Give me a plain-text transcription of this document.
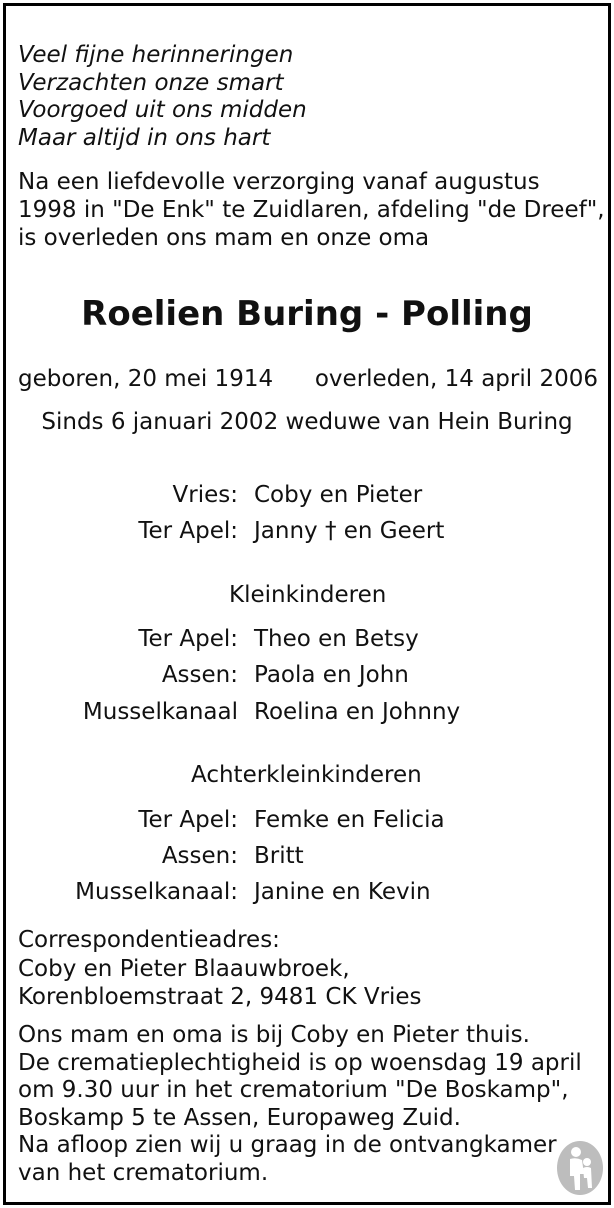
Veel fijne herinneringen
Verzachten onze smart
Voorgoed uit ons midden
Maar altijd in ons hart
Na een liefdevolle verzorging vanaf augustus
1998 in "De Enk" te Zuidlaren, afdeling "de Dreef",
is overleden ons mam en onze oma
Roelien Buring - Polling
geboren, 20 mei 1914 overleden, 14 april 2006
Sinds 6 januari 2002 weduwe van Hein Buring
Vries: Coby en Pieter
Ter Apel: Janny † en Geert
Kleinkinderen
Ter Apel: Theo en Betsy
Assen: Paola en John
Musselkanaal Roelina en Johnny
Achterkleinkinderen
Ter Apel: Femke en Felicia
Assen: Britt
Musselkanaal: Janine en Kevin
Correspondentieadres:
Coby en Pieter Blaauwbroek,
Korenbloemstraat 2, 9481 CK Vries
Ons mam en oma is bij Coby en Pieter thuis.
De crematieplechtigheid is op woensdag 19 april
om 9.30 uur in het crematorium "De Boskamp",
Boskamp 5 te Assen, Europaweg Zuid.
Na afloop zien wij u graag in de ontvangkamer
van het crematorium.
